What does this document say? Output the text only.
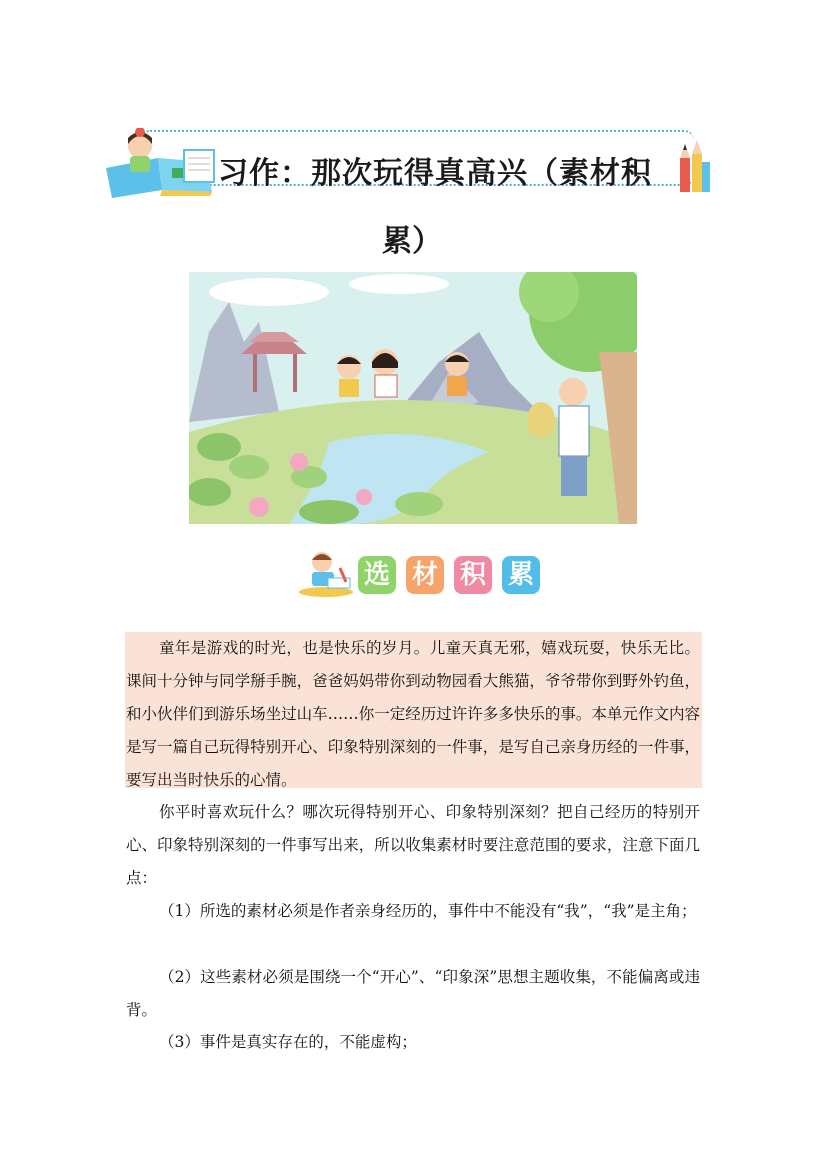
习作：那次玩得真高兴（素材积
累）
选 材 积 累

童年是游戏的时光，也是快乐的岁月。儿童天真无邪，嬉戏玩耍，快乐无比。课间十分钟与同学掰手腕，爸爸妈妈带你到动物园看大熊猫，爷爷带你到野外钓鱼，和小伙伴们到游乐场坐过山车……你一定经历过许许多多快乐的事。本单元作文内容是写一篇自己玩得特别开心、印象特别深刻的一件事，是写自己亲身历经的一件事，要写出当时快乐的心情。

你平时喜欢玩什么？哪次玩得特别开心、印象特别深刻？把自己经历的特别开心、印象特别深刻的一件事写出来，所以收集素材时要注意范围的要求，注意下面几点：

（1）所选的素材必须是作者亲身经历的，事件中不能没有“我”，“我”是主角；

（2）这些素材必须是围绕一个“开心”、“印象深”思想主题收集，不能偏离或违背。

（3）事件是真实存在的，不能虚构；
